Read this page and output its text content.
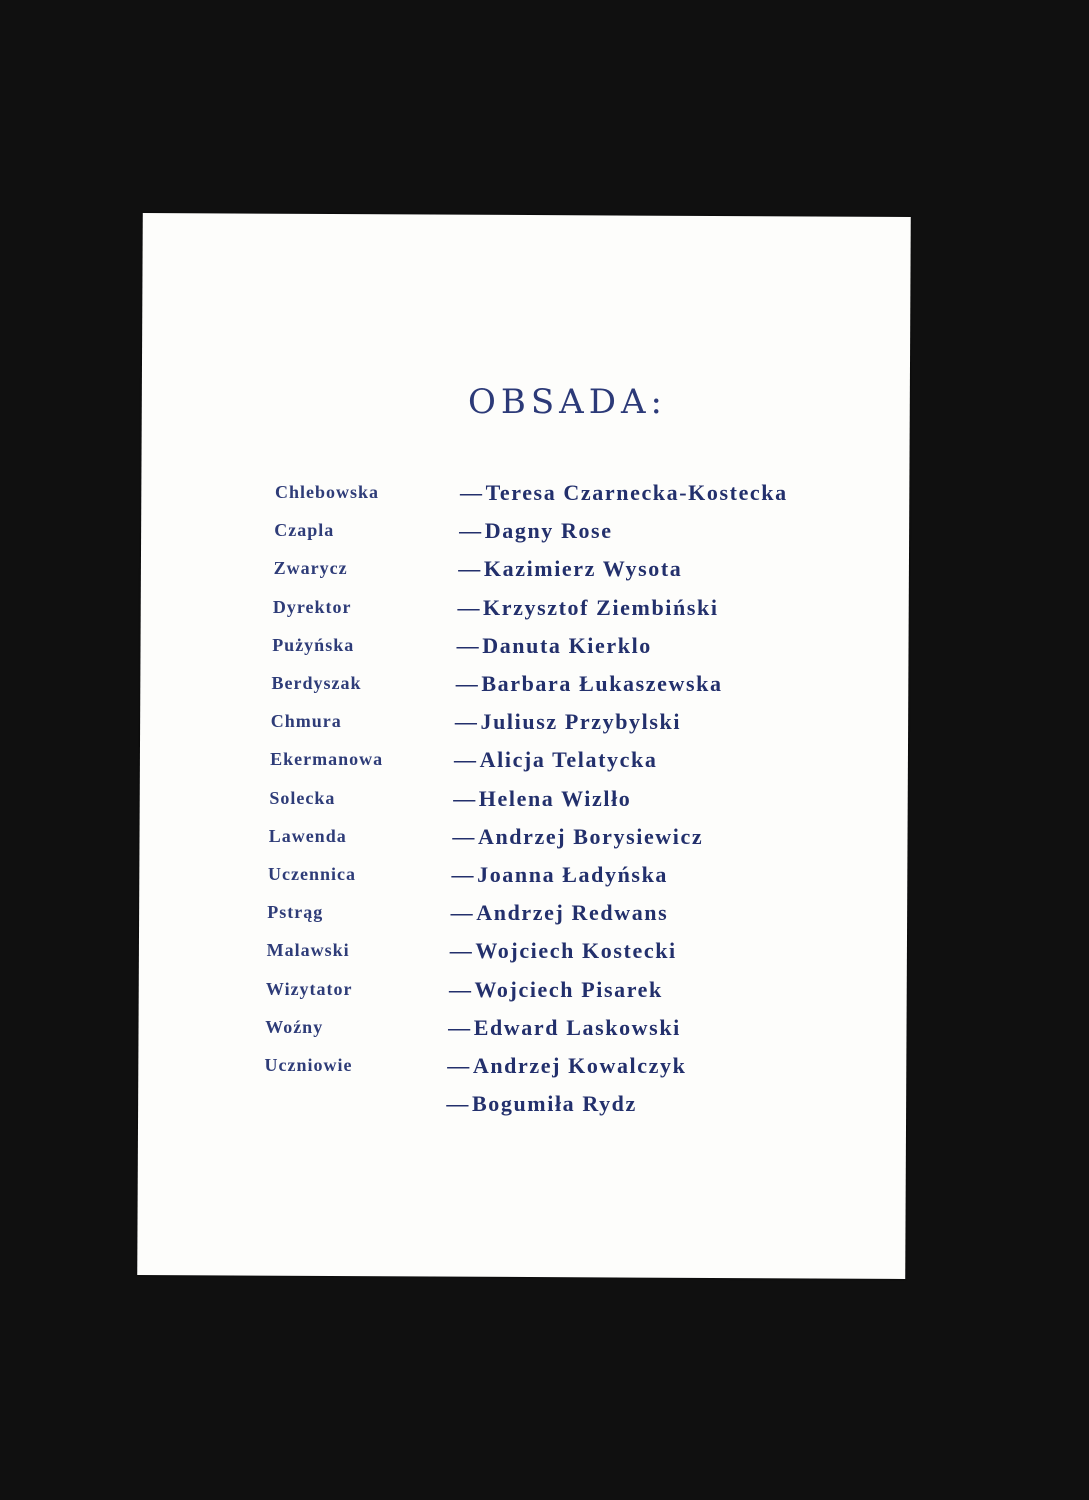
OBSADA:
Chlebowska	—Teresa Czarnecka-Kostecka
Czapla	—Dagny Rose
Zwarycz	—Kazimierz Wysota
Dyrektor	—Krzysztof Ziembiński
Pużyńska	—Danuta Kierklo
Berdyszak	—Barbara Łukaszewska
Chmura	—Juliusz Przybylski
Ekermanowa	—Alicja Telatycka
Solecka	—Helena Wizlło
Lawenda	—Andrzej Borysiewicz
Uczennica	—Joanna Ładyńska
Pstrąg	—Andrzej Redwans
Malawski	—Wojciech Kostecki
Wizytator	—Wojciech Pisarek
Woźny	—Edward Laskowski
Uczniowie	—Andrzej Kowalczyk
—Bogumiła Rydz
